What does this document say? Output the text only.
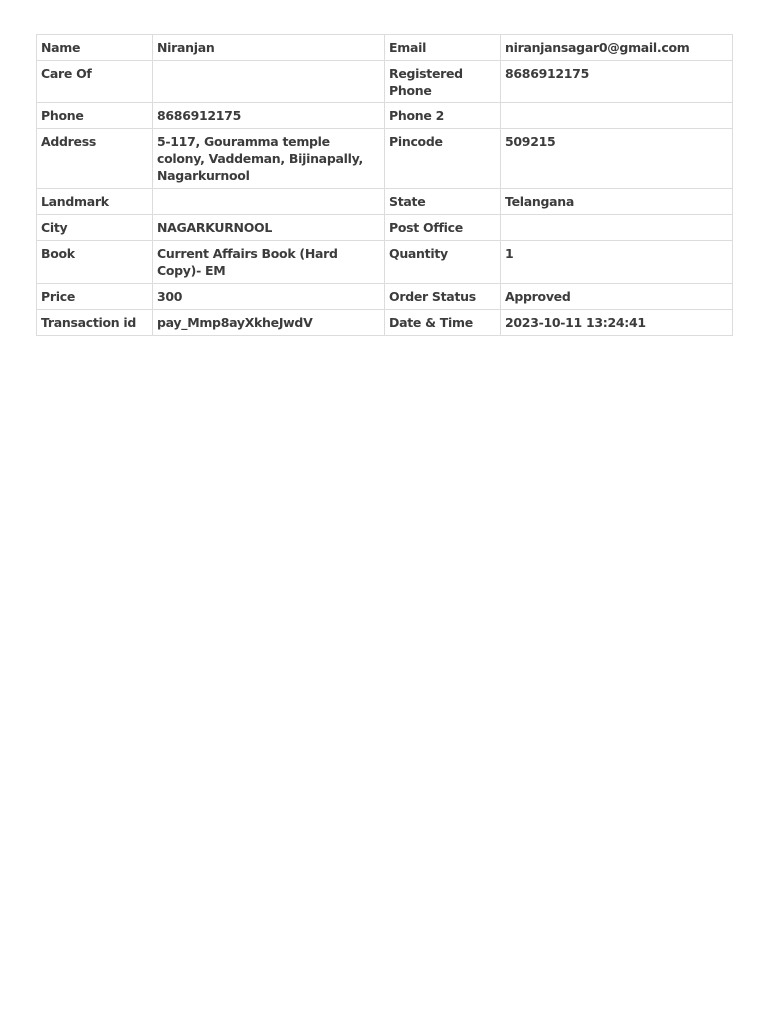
Name	Niranjan	Email	niranjansagar0@gmail.com
Care Of		Registered Phone	8686912175
Phone	8686912175	Phone 2	
Address	5-117, Gouramma temple colony, Vaddeman, Bijinapally, Nagarkurnool	Pincode	509215
Landmark		State	Telangana
City	NAGARKURNOOL	Post Office	
Book	Current Affairs Book (Hard Copy)- EM	Quantity	1
Price	300	Order Status	Approved
Transaction id	pay_Mmp8ayXkheJwdV	Date & Time	2023-10-11 13:24:41
